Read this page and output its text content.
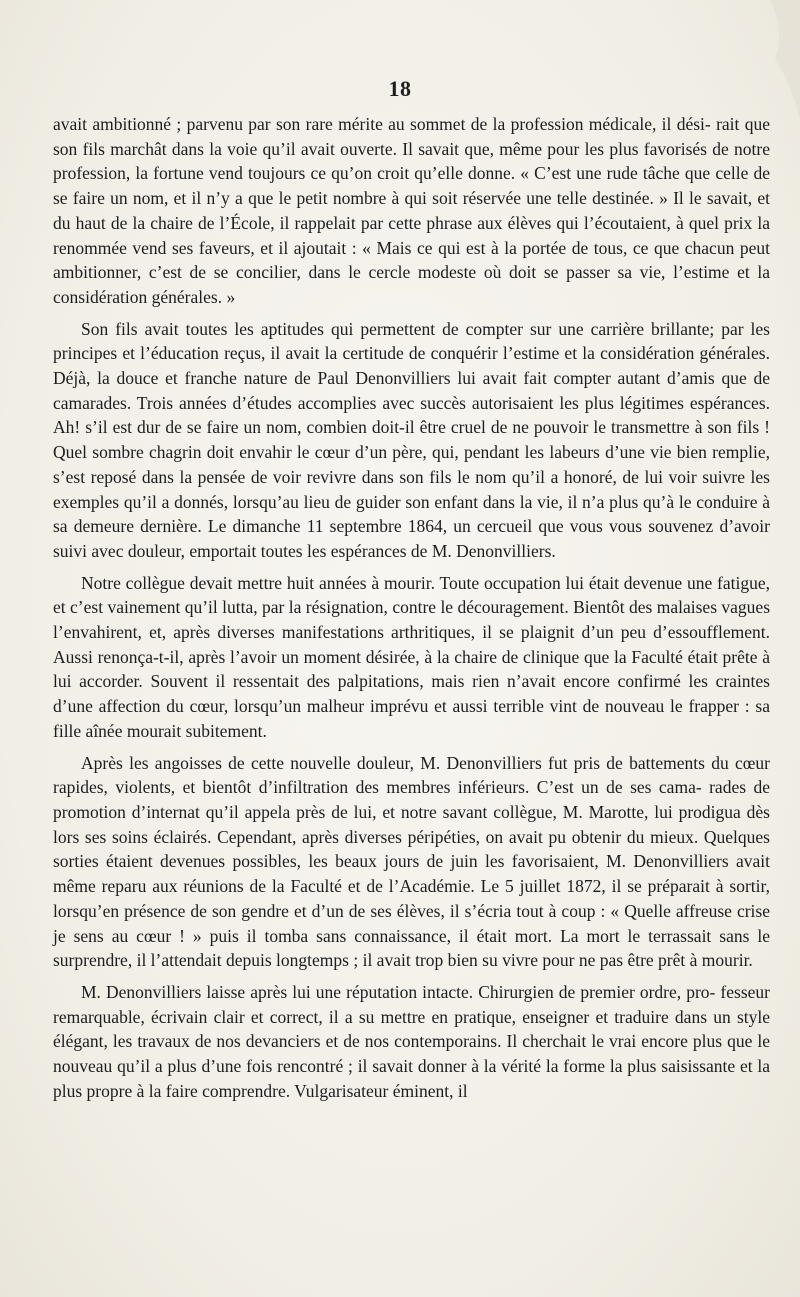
18

avait ambitionné ; parvenu par son rare mérite au sommet de la profession médicale, il dési- rait que son fils marchât dans la voie qu’il avait ouverte. Il savait que, même pour les plus favorisés de notre profession, la fortune vend toujours ce qu’on croit qu’elle donne. « C’est une rude tâche que celle de se faire un nom, et il n’y a que le petit nombre à qui soit réservée une telle destinée. » Il le savait, et du haut de la chaire de l’École, il rappelait par cette phrase aux élèves qui l’écoutaient, à quel prix la renommée vend ses faveurs, et il ajoutait : « Mais ce qui est à la portée de tous, ce que chacun peut ambitionner, c’est de se concilier, dans le cercle modeste où doit se passer sa vie, l’estime et la considération générales. »

Son fils avait toutes les aptitudes qui permettent de compter sur une carrière brillante; par les principes et l’éducation reçus, il avait la certitude de conquérir l’estime et la considération générales. Déjà, la douce et franche nature de Paul Denonvilliers lui avait fait compter autant d’amis que de camarades. Trois années d’études accomplies avec succès autorisaient les plus légitimes espérances. Ah! s’il est dur de se faire un nom, combien doit-il être cruel de ne pouvoir le transmettre à son fils ! Quel sombre chagrin doit envahir le cœur d’un père, qui, pendant les labeurs d’une vie bien remplie, s’est reposé dans la pensée de voir revivre dans son fils le nom qu’il a honoré, de lui voir suivre les exemples qu’il a donnés, lorsqu’au lieu de guider son enfant dans la vie, il n’a plus qu’à le conduire à sa demeure dernière. Le dimanche 11 septembre 1864, un cercueil que vous vous souvenez d’avoir suivi avec douleur, emportait toutes les espérances de M. Denonvilliers.

Notre collègue devait mettre huit années à mourir. Toute occupation lui était devenue une fatigue, et c’est vainement qu’il lutta, par la résignation, contre le découragement. Bientôt des malaises vagues l’envahirent, et, après diverses manifestations arthritiques, il se plaignit d’un peu d’essoufflement. Aussi renonça-t-il, après l’avoir un moment désirée, à la chaire de clinique que la Faculté était prête à lui accorder. Souvent il ressentait des palpitations, mais rien n’avait encore confirmé les craintes d’une affection du cœur, lorsqu’un malheur imprévu et aussi terrible vint de nouveau le frapper : sa fille aînée mourait subitement.

Après les angoisses de cette nouvelle douleur, M. Denonvilliers fut pris de battements du cœur rapides, violents, et bientôt d’infiltration des membres inférieurs. C’est un de ses cama- rades de promotion d’internat qu’il appela près de lui, et notre savant collègue, M. Marotte, lui prodigua dès lors ses soins éclairés. Cependant, après diverses péripéties, on avait pu obtenir du mieux. Quelques sorties étaient devenues possibles, les beaux jours de juin les favorisaient, M. Denonvilliers avait même reparu aux réunions de la Faculté et de l’Académie. Le 5 juillet 1872, il se préparait à sortir, lorsqu’en présence de son gendre et d’un de ses élèves, il s’écria tout à coup : « Quelle affreuse crise je sens au cœur ! » puis il tomba sans connaissance, il était mort. La mort le terrassait sans le surprendre, il l’attendait depuis longtemps ; il avait trop bien su vivre pour ne pas être prêt à mourir.

M. Denonvilliers laisse après lui une réputation intacte. Chirurgien de premier ordre, pro- fesseur remarquable, écrivain clair et correct, il a su mettre en pratique, enseigner et traduire dans un style élégant, les travaux de nos devanciers et de nos contemporains. Il cherchait le vrai encore plus que le nouveau qu’il a plus d’une fois rencontré ; il savait donner à la vérité la forme la plus saisissante et la plus propre à la faire comprendre. Vulgarisateur éminent, il
